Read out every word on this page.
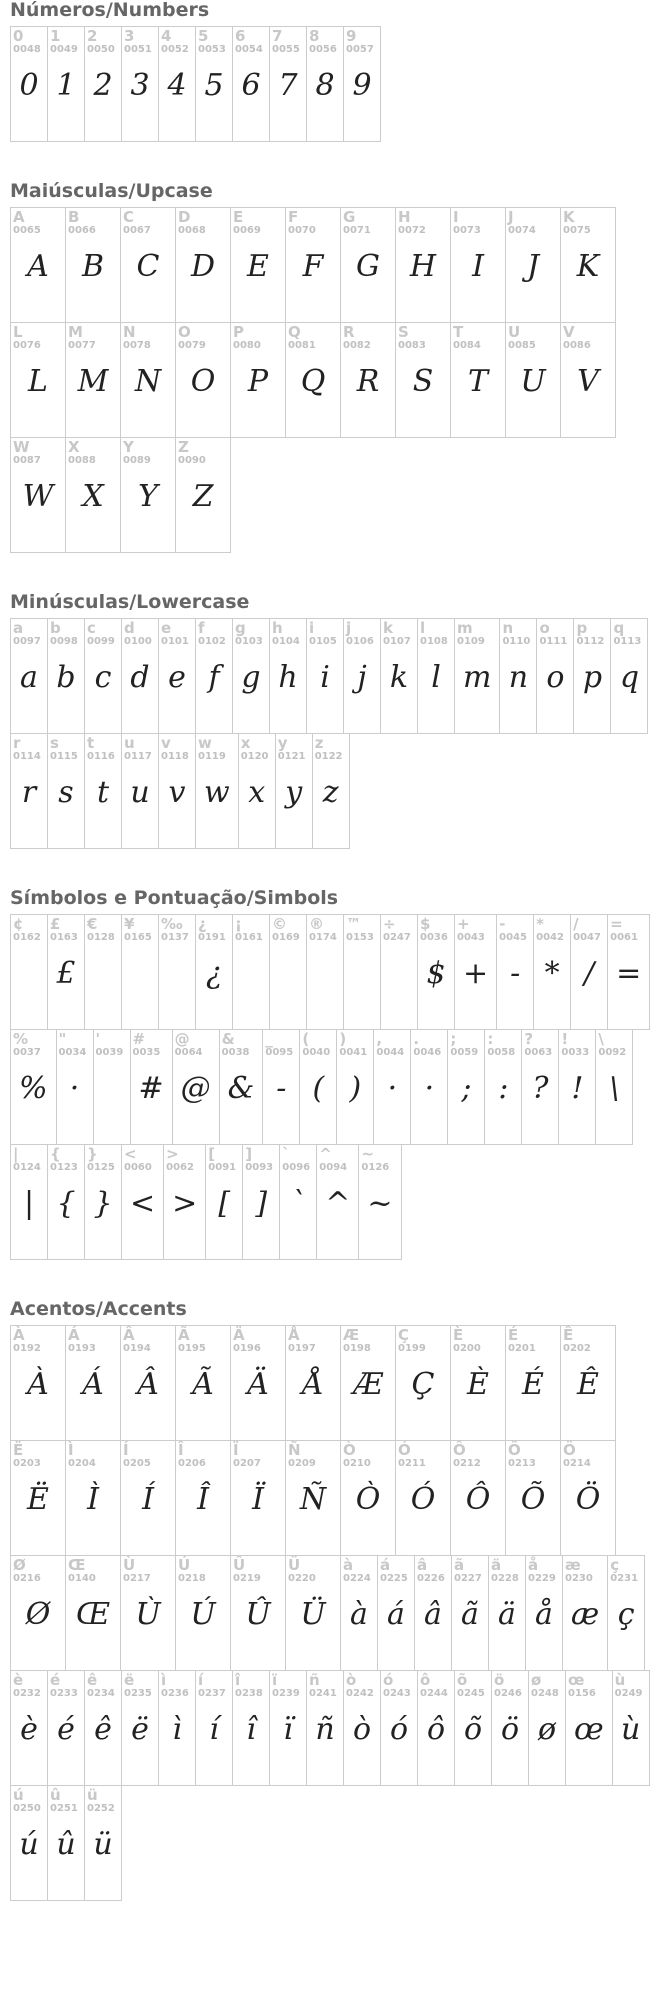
Números/Numbers
0
0048
0
1
0049
1
2
0050
2
3
0051
3
4
0052
4
5
0053
5
6
0054
6
7
0055
7
8
0056
8
9
0057
9
Maiúsculas/Upcase
A
0065
A
B
0066
B
C
0067
C
D
0068
D
E
0069
E
F
0070
F
G
0071
G
H
0072
H
I
0073
I
J
0074
J
K
0075
K
L
0076
L
M
0077
M
N
0078
N
O
0079
O
P
0080
P
Q
0081
Q
R
0082
R
S
0083
S
T
0084
T
U
0085
U
V
0086
V
W
0087
W
X
0088
X
Y
0089
Y
Z
0090
Z
Minúsculas/Lowercase
a
0097
a
b
0098
b
c
0099
c
d
0100
d
e
0101
e
f
0102
f
g
0103
g
h
0104
h
i
0105
i
j
0106
j
k
0107
k
l
0108
l
m
0109
m
n
0110
n
o
0111
o
p
0112
p
q
0113
q
r
0114
r
s
0115
s
t
0116
t
u
0117
u
v
0118
v
w
0119
w
x
0120
x
y
0121
y
z
0122
z
Símbolos e Pontuação/Simbols
¢
0162

£
0163
£
€
0128

¥
0165

‰
0137

¿
0191
¿
¡
0161

©
0169

®
0174

™
0153

÷
0247

$
0036
$
+
0043
+
-
0045
-
*
0042
*
/
0047
/
=
0061
=
%
0037
%
"
0034
·
'
0039

#
0035
#
@
0064
@
&
0038
&
_
0095
-
(
0040
(
)
0041
)
,
0044
·
.
0046
·
;
0059
;
:
0058
:
?
0063
?
!
0033
!
\
0092
\
|
0124
|
{
0123
{
}
0125
}
<
0060
<
>
0062
>
[
0091
[
]
0093
]
`
0096
`
^
0094
^
~
0126
~
Acentos/Accents
À
0192
À
Á
0193
Á
Â
0194
Â
Ã
0195
Ã
Ä
0196
Ä
Å
0197
Å
Æ
0198
Æ
Ç
0199
Ç
È
0200
È
É
0201
É
Ê
0202
Ê
Ë
0203
Ë
Ì
0204
Ì
Í
0205
Í
Î
0206
Î
Ï
0207
Ï
Ñ
0209
Ñ
Ò
0210
Ò
Ó
0211
Ó
Ô
0212
Ô
Õ
0213
Õ
Ö
0214
Ö
Ø
0216
Ø
Œ
0140
Œ
Ù
0217
Ù
Ú
0218
Ú
Û
0219
Û
Ü
0220
Ü
à
0224
à
á
0225
á
â
0226
â
ã
0227
ã
ä
0228
ä
å
0229
å
æ
0230
æ
ç
0231
ç
è
0232
è
é
0233
é
ê
0234
ê
ë
0235
ë
ì
0236
ì
í
0237
í
î
0238
î
ï
0239
ï
ñ
0241
ñ
ò
0242
ò
ó
0243
ó
ô
0244
ô
õ
0245
õ
ö
0246
ö
ø
0248
ø
œ
0156
œ
ù
0249
ù
ú
0250
ú
û
0251
û
ü
0252
ü
